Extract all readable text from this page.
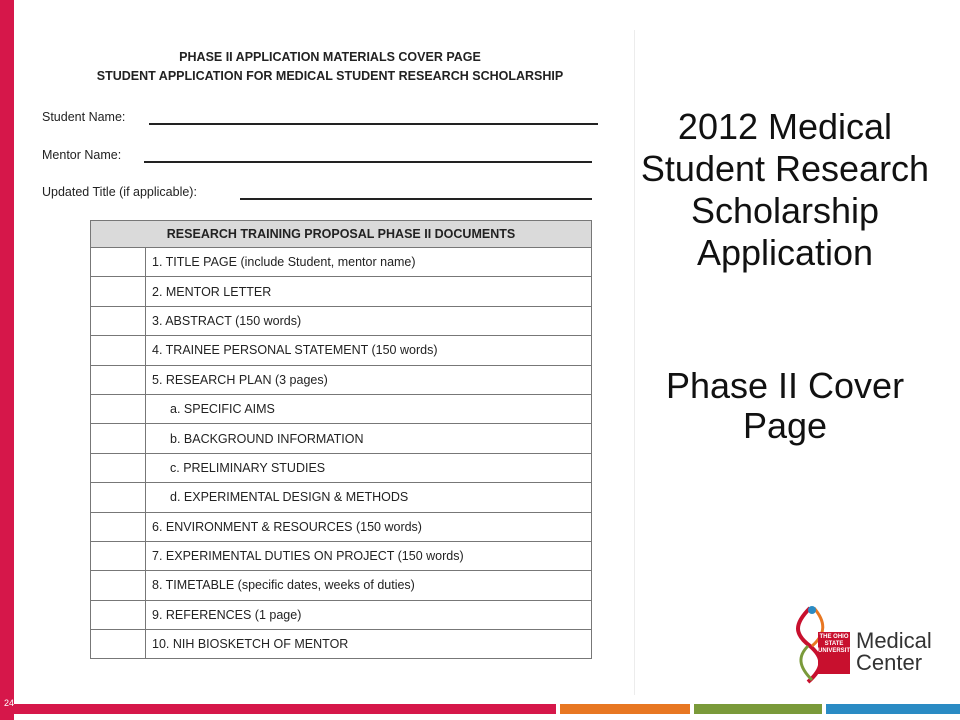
PHASE II APPLICATION MATERIALS COVER PAGE
STUDENT APPLICATION FOR MEDICAL STUDENT RESEARCH SCHOLARSHIP
Student Name:
Mentor Name:
Updated Title (if applicable):
RESEARCH TRAINING PROPOSAL PHASE II DOCUMENTS	
	1. TITLE PAGE (include Student, mentor name)
	2. MENTOR LETTER
	3. ABSTRACT (150 words)
	4. TRAINEE PERSONAL STATEMENT (150 words)
	5. RESEARCH PLAN (3 pages)
	a. SPECIFIC AIMS
	b. BACKGROUND INFORMATION
	c. PRELIMINARY STUDIES
	d. EXPERIMENTAL DESIGN & METHODS
	6. ENVIRONMENT & RESOURCES (150 words)
	7. EXPERIMENTAL DUTIES ON PROJECT (150 words)
	8. TIMETABLE (specific dates, weeks of duties)
	9. REFERENCES (1 page)
	10. NIH BIOSKETCH OF MENTOR
2012 Medical Student Research Scholarship Application
Phase II Cover Page
THE OHIO STATE UNIVERSITY Medical
Center
24
